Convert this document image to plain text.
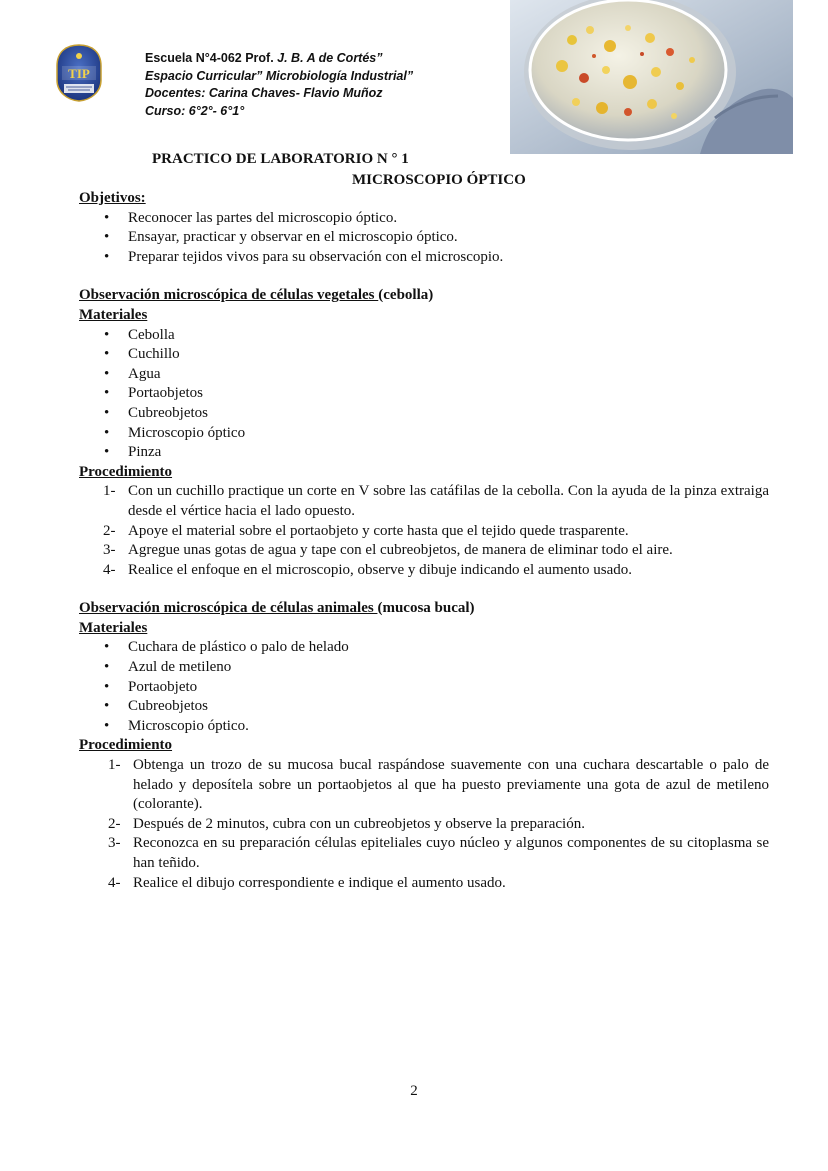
TIP
Escuela N°4-062 Prof. J. B. A de Cortés”
Espacio Curricular” Microbiología Industrial”
Docentes: Carina Chaves- Flavio Muñoz
Curso: 6°2°- 6°1°
PRACTICO DE LABORATORIO N ° 1
MICROSCOPIO ÓPTICO
Objetivos:
• Reconocer las partes del microscopio óptico.
• Ensayar, practicar y observar en el microscopio óptico.
• Preparar tejidos vivos para su observación con el microscopio.
Observación microscópica de células vegetales (cebolla)
Materiales
• Cebolla
• Cuchillo
• Agua
• Portaobjetos
• Cubreobjetos
• Microscopio óptico
• Pinza
Procedimiento
1- Con un cuchillo practique un corte en V sobre las catáfilas de la cebolla. Con la ayuda de la pinza extraiga desde el vértice hacia el lado opuesto.
2- Apoye el material sobre el portaobjeto y corte hasta que el tejido quede trasparente.
3- Agregue unas gotas de agua y tape con el cubreobjetos, de manera de eliminar todo el aire.
4- Realice el enfoque en el microscopio, observe y dibuje indicando el aumento usado.
Observación microscópica de células animales (mucosa bucal)
Materiales
• Cuchara de plástico o palo de helado
• Azul de metileno
• Portaobjeto
• Cubreobjetos
• Microscopio óptico.
Procedimiento
1- Obtenga un trozo de su mucosa bucal raspándose suavemente con una cuchara descartable o palo de helado y deposítela sobre un portaobjetos al que ha puesto previamente una gota de azul de metileno (colorante).
2- Después de 2 minutos, cubra con un cubreobjetos y observe la preparación.
3- Reconozca en su preparación células epiteliales cuyo núcleo y algunos componentes de su citoplasma se han teñido.
4- Realice el dibujo correspondiente e indique el aumento usado.
2
